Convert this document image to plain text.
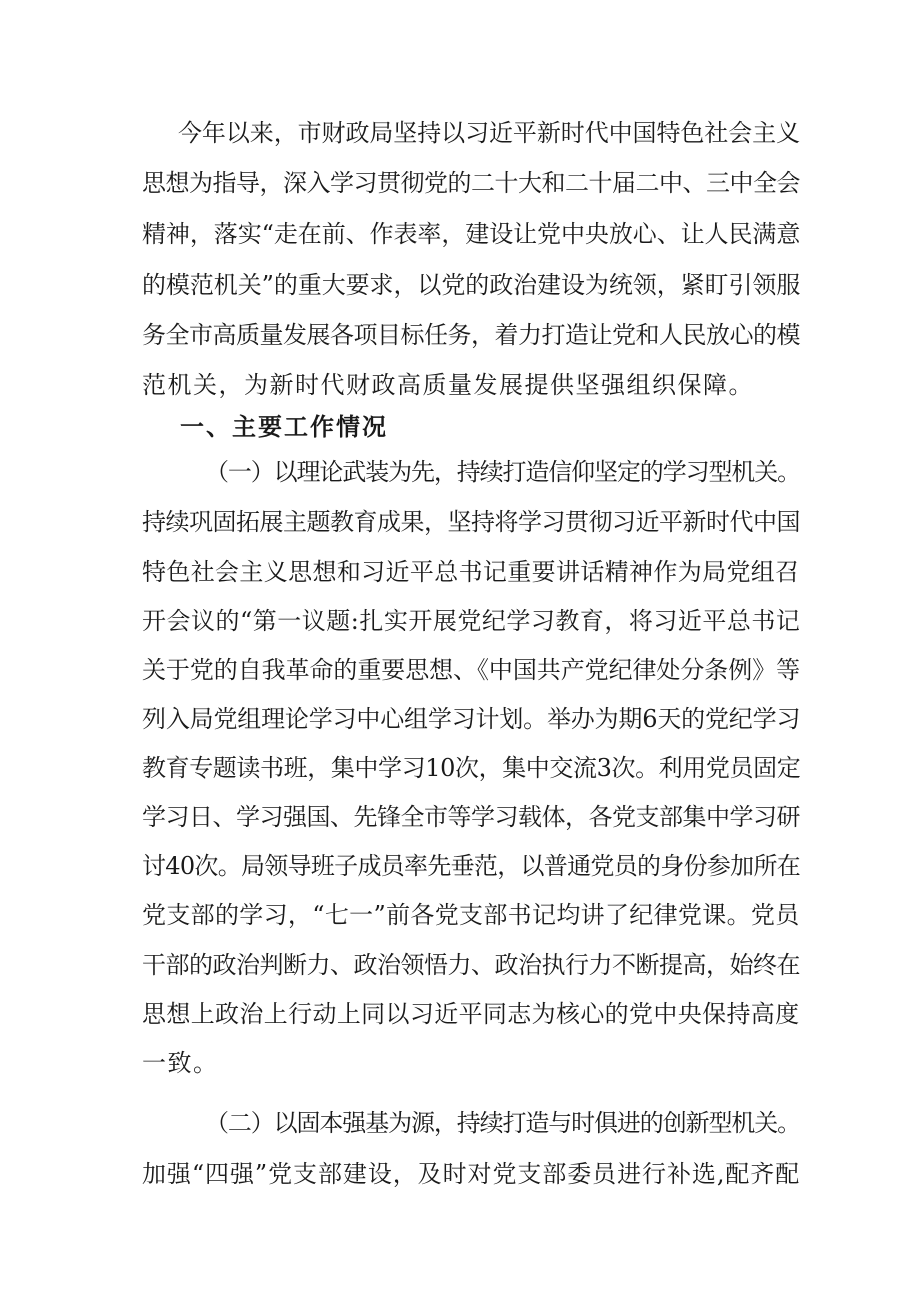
今年以来，市财政局坚持以习近平新时代中国特色社会主义
思想为指导，深入学习贯彻党的二十大和二十届二中、三中全会
精神，落实“走在前、作表率，建设让党中央放心、让人民满意
的模范机关”的重大要求，以党的政治建设为统领，紧盯引领服
务全市高质量发展各项目标任务，着力打造让党和人民放心的模
范机关，为新时代财政高质量发展提供坚强组织保障。
一、主要工作情况
（一）以理论武装为先，持续打造信仰坚定的学习型机关。
持续巩固拓展主题教育成果，坚持将学习贯彻习近平新时代中国
特色社会主义思想和习近平总书记重要讲话精神作为局党组召
开会议的“第一议题:扎实开展党纪学习教育，将习近平总书记
关于党的自我革命的重要思想、《中国共产党纪律处分条例》等
列入局党组理论学习中心组学习计划。举办为期6天的党纪学习
教育专题读书班，集中学习10次，集中交流3次。利用党员固定
学习日、学习强国、先锋全市等学习载体，各党支部集中学习研
讨40次。局领导班子成员率先垂范，以普通党员的身份参加所在
党支部的学习，“七一”前各党支部书记均讲了纪律党课。党员
干部的政治判断力、政治领悟力、政治执行力不断提高，始终在
思想上政治上行动上同以习近平同志为核心的党中央保持高度
一致。
（二）以固本强基为源，持续打造与时俱进的创新型机关。
加强“四强”党支部建设，及时对党支部委员进行补选,配齐配
